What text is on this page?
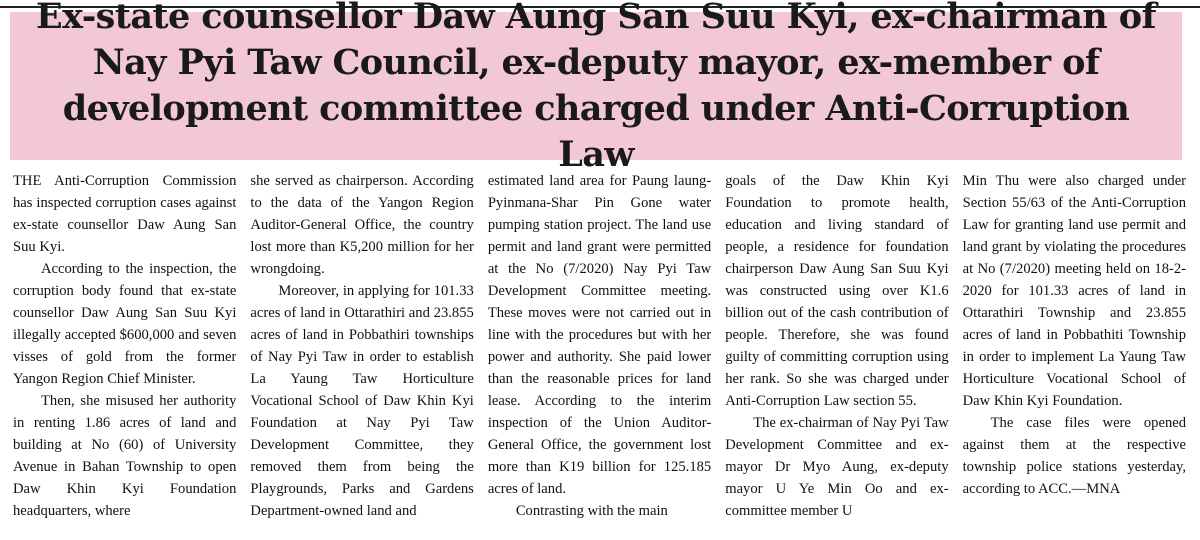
Ex-state counsellor Daw Aung San Suu Kyi, ex-chairman of Nay Pyi Taw Council, ex-deputy mayor, ex-member of development committee charged under Anti-Corruption Law

THE Anti-Corruption Commission has inspected corruption cases against ex-state counsellor Daw Aung San Suu Kyi.

According to the inspection, the corruption body found that ex-state counsellor Daw Aung San Suu Kyi illegally accepted $600,000 and seven visses of gold from the former Yangon Region Chief Minister.

Then, she misused her authority in renting 1.86 acres of land and building at No (60) of University Avenue in Bahan Township to open Daw Khin Kyi Foundation headquarters, where

she served as chairperson. According to the data of the Yangon Region Auditor-General Office, the country lost more than K5,200 million for her wrongdoing.

Moreover, in applying for 101.33 acres of land in Ottarathiri and 23.855 acres of land in Pobbathiri townships of Nay Pyi Taw in order to establish La Yaung Taw Horticulture Vocational School of Daw Khin Kyi Foundation at Nay Pyi Taw Development Committee, they removed them from being the Playgrounds, Parks and Gardens Department-owned land and

estimated land area for Paung laung-Pyinmana-Shar Pin Gone water pumping station project. The land use permit and land grant were permitted at the No (7/2020) Nay Pyi Taw Development Committee meeting. These moves were not carried out in line with the procedures but with her power and authority. She paid lower than the reasonable prices for land lease. According to the interim inspection of the Union Auditor-General Office, the government lost more than K19 billion for 125.185 acres of land.

Contrasting with the main

goals of the Daw Khin Kyi Foundation to promote health, education and living standard of people, a residence for foundation chairperson Daw Aung San Suu Kyi was constructed using over K1.6 billion out of the cash contribution of people. Therefore, she was found guilty of committing corruption using her rank. So she was charged under Anti-Corruption Law section 55.

The ex-chairman of Nay Pyi Taw Development Committee and ex-mayor Dr Myo Aung, ex-deputy mayor U Ye Min Oo and ex-committee member U

Min Thu were also charged under Section 55/63 of the Anti-Corruption Law for granting land use permit and land grant by violating the procedures at No (7/2020) meeting held on 18-2-2020 for 101.33 acres of land in Ottarathiri Township and 23.855 acres of land in Pobbathiti Township in order to implement La Yaung Taw Horticulture Vocational School of Daw Khin Kyi Foundation.

The case files were opened against them at the respective township police stations yesterday, according to ACC.—MNA
